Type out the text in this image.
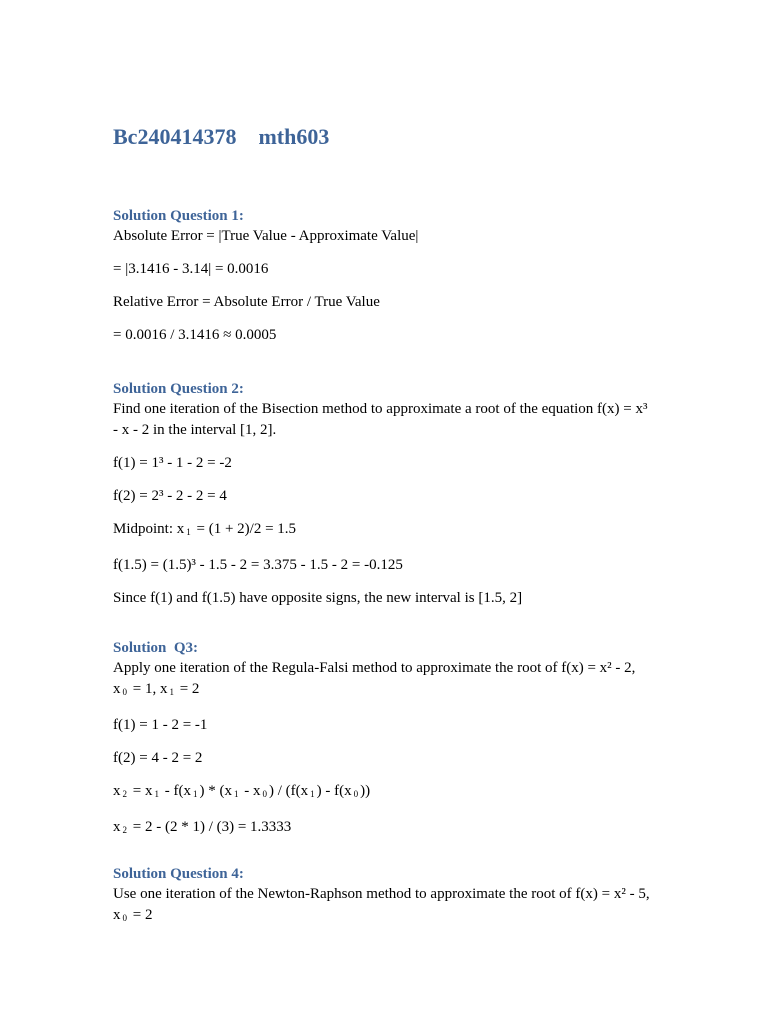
Bc240414378    mth603

Solution Question 1:

Absolute Error = |True Value - Approximate Value|

= |3.1416 - 3.14| = 0.0016

Relative Error = Absolute Error / True Value

= 0.0016 / 3.1416 ≈ 0.0005

Solution Question 2:

Find one iteration of the Bisection method to approximate a root of the equation f(x) = x³

- x - 2 in the interval [1, 2].

f(1) = 1³ - 1 - 2 = -2

f(2) = 2³ - 2 - 2 = 4

Midpoint: x $_1$ = (1 + 2)/2 = 1.5

f(1.5) = (1.5)³ - 1.5 - 2 = 3.375 - 1.5 - 2 = -0.125

Since f(1) and f(1.5) have opposite signs, the new interval is [1.5, 2]

Solution  Q3:

Apply one iteration of the Regula-Falsi method to approximate the root of f(x) = x² - 2,

x $_0$ = 1, x $_1$ = 2

f(1) = 1 - 2 = -1

f(2) = 4 - 2 = 2

x $_2$ = x $_1$ - f(x $_1$ ) * (x $_1$ - x $_0$ ) / (f(x $_1$ ) - f(x $_0$ ))

x $_2$ = 2 - (2 * 1) / (3) = 1.3333

Solution Question 4:

Use one iteration of the Newton-Raphson method to approximate the root of f(x) = x² - 5,

x $_0$ = 2
